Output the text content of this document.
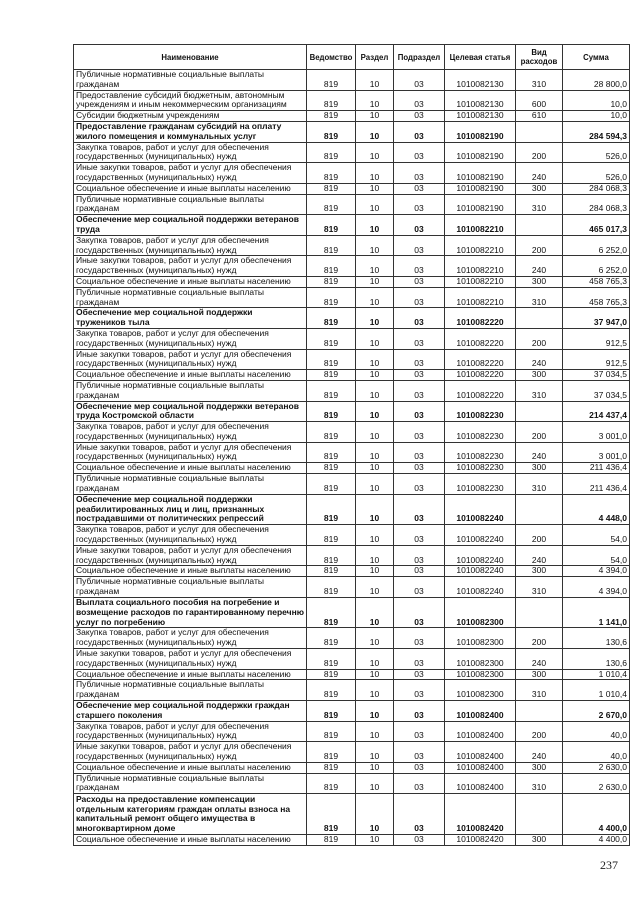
Наименование	Ведомство	Раздел	Подраздел	Целевая статья	Вид расходов	Сумма
Публичные нормативные социальные выплаты гражданам	819	10	03	1010082130	310	28 800,0
Предоставление субсидий бюджетным, автономным учреждениям и иным некоммерческим организациям	819	10	03	1010082130	600	10,0
Субсидии бюджетным учреждениям	819	10	03	1010082130	610	10,0
Предоставление гражданам субсидий на оплату жилого помещения и коммунальных услуг	819	10	03	1010082190		284 594,3
Закупка товаров, работ и услуг для обеспечения государственных (муниципальных) нужд	819	10	03	1010082190	200	526,0
Иные закупки товаров, работ и услуг для обеспечения государственных (муниципальных) нужд	819	10	03	1010082190	240	526,0
Социальное обеспечение и иные выплаты населению	819	10	03	1010082190	300	284 068,3
Публичные нормативные социальные выплаты гражданам	819	10	03	1010082190	310	284 068,3
Обеспечение мер социальной поддержки ветеранов труда	819	10	03	1010082210		465 017,3
Закупка товаров, работ и услуг для обеспечения государственных (муниципальных) нужд	819	10	03	1010082210	200	6 252,0
Иные закупки товаров, работ и услуг для обеспечения государственных (муниципальных) нужд	819	10	03	1010082210	240	6 252,0
Социальное обеспечение и иные выплаты населению	819	10	03	1010082210	300	458 765,3
Публичные нормативные социальные выплаты гражданам	819	10	03	1010082210	310	458 765,3
Обеспечение мер социальной поддержки тружеников тыла	819	10	03	1010082220		37 947,0
Закупка товаров, работ и услуг для обеспечения государственных (муниципальных) нужд	819	10	03	1010082220	200	912,5
Иные закупки товаров, работ и услуг для обеспечения государственных (муниципальных) нужд	819	10	03	1010082220	240	912,5
Социальное обеспечение и иные выплаты населению	819	10	03	1010082220	300	37 034,5
Публичные нормативные социальные выплаты гражданам	819	10	03	1010082220	310	37 034,5
Обеспечение мер социальной поддержки ветеранов труда Костромской области	819	10	03	1010082230		214 437,4
Закупка товаров, работ и услуг для обеспечения государственных (муниципальных) нужд	819	10	03	1010082230	200	3 001,0
Иные закупки товаров, работ и услуг для обеспечения государственных (муниципальных) нужд	819	10	03	1010082230	240	3 001,0
Социальное обеспечение и иные выплаты населению	819	10	03	1010082230	300	211 436,4
Публичные нормативные социальные выплаты гражданам	819	10	03	1010082230	310	211 436,4
Обеспечение мер социальной поддержки реабилитированных лиц и лиц, признанных пострадавшими от политических репрессий	819	10	03	1010082240		4 448,0
Закупка товаров, работ и услуг для обеспечения государственных (муниципальных) нужд	819	10	03	1010082240	200	54,0
Иные закупки товаров, работ и услуг для обеспечения государственных (муниципальных) нужд	819	10	03	1010082240	240	54,0
Социальное обеспечение и иные выплаты населению	819	10	03	1010082240	300	4 394,0
Публичные нормативные социальные выплаты гражданам	819	10	03	1010082240	310	4 394,0
Выплата социального пособия на погребение и возмещение расходов по гарантированному перечню услуг по погребению	819	10	03	1010082300		1 141,0
Закупка товаров, работ и услуг для обеспечения государственных (муниципальных) нужд	819	10	03	1010082300	200	130,6
Иные закупки товаров, работ и услуг для обеспечения государственных (муниципальных) нужд	819	10	03	1010082300	240	130,6
Социальное обеспечение и иные выплаты населению	819	10	03	1010082300	300	1 010,4
Публичные нормативные социальные выплаты гражданам	819	10	03	1010082300	310	1 010,4
Обеспечение мер социальной поддержки граждан старшего поколения	819	10	03	1010082400		2 670,0
Закупка товаров, работ и услуг для обеспечения государственных (муниципальных) нужд	819	10	03	1010082400	200	40,0
Иные закупки товаров, работ и услуг для обеспечения государственных (муниципальных) нужд	819	10	03	1010082400	240	40,0
Социальное обеспечение и иные выплаты населению	819	10	03	1010082400	300	2 630,0
Публичные нормативные социальные выплаты гражданам	819	10	03	1010082400	310	2 630,0
Расходы на предоставление компенсации отдельным категориям граждан оплаты взноса на капитальный ремонт общего имущества в многоквартирном доме	819	10	03	1010082420		4 400,0
Социальное обеспечение и иные выплаты населению	819	10	03	1010082420	300	4 400,0
237
